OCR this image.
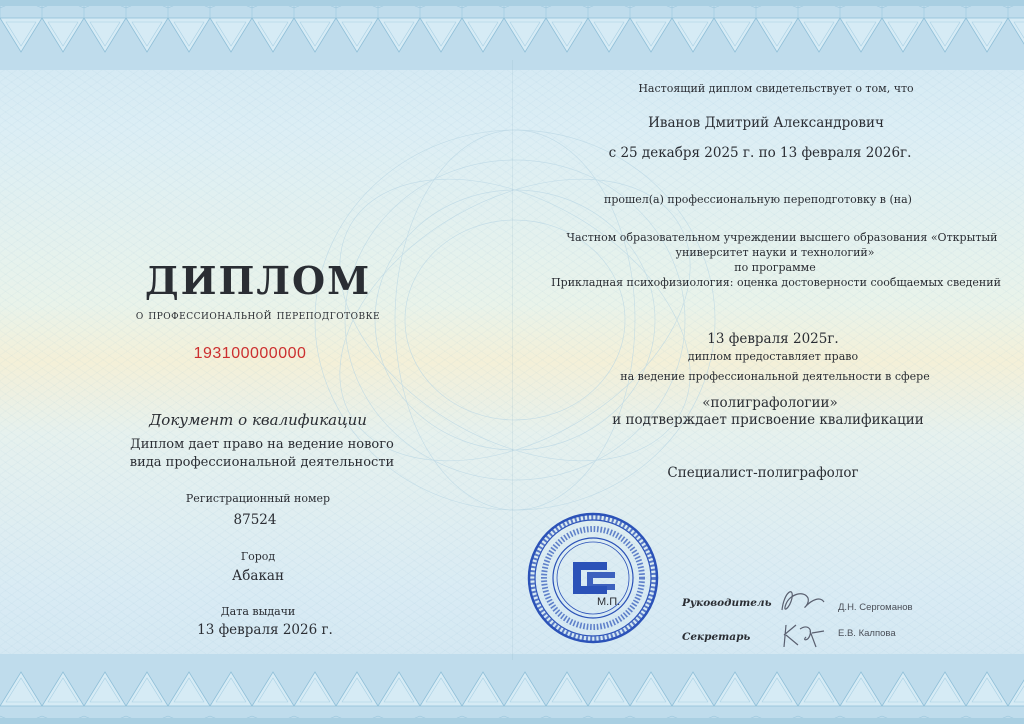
ДИПЛОМ
о профессиональной переподготовке
193100000000
Документ о квалификации
Диплом дает право на ведение нового
вида профессиональной деятельности
Регистрационный номер
87524
Город
Абакан
Дата выдачи
13 февраля 2026 г.
Настоящий диплом свидетельствует о том, что
Иванов Дмитрий Александрович
с 25 декабря 2025 г. по 13 февраля 2026г.
прошел(а) профессиональную переподготовку в (на)
Частном образовательном учреждении высшего образования «Открытый
университет науки и технологий»
по программе
Прикладная психофизиология: оценка достоверности сообщаемых сведений
13 февраля 2025г.
диплом предоставляет право
на ведение профессиональной деятельности в сфере
«полиграфологии»
и подтверждает присвоение квалификации
Специалист-полиграфолог
М.П.	Руководитель	Д.Н. Сергоманов
Секретарь	Е.В. Калпова
